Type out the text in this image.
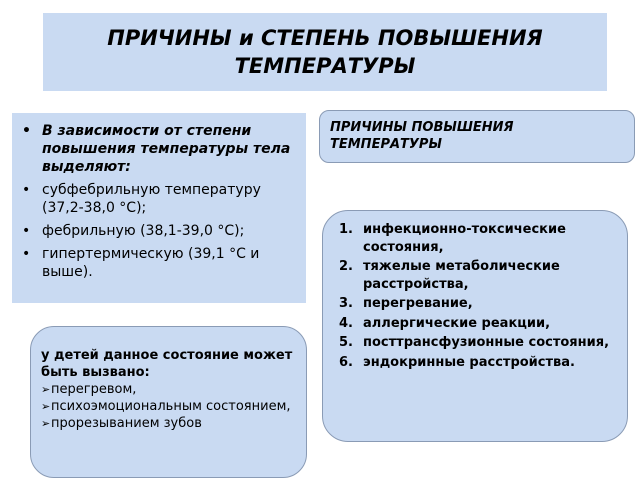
ПРИЧИНЫ и СТЕПЕНЬ ПОВЫШЕНИЯ
ТЕМПЕРАТУРЫ

• В зависимости от степени повышения температуры тела выделяют:
• субфебрильную температуру (37,2-38,0 °С);
• фебрильную (38,1-39,0 °С);
• гипертермическую (39,1 °С и выше).
ПРИЧИНЫ ПОВЫШЕНИЯ ТЕМПЕРАТУРЫ
1. инфекционно-токсические состояния,
2. тяжелые метаболические расстройства,
3. перегревание,
4. аллергические реакции,
5. посттрансфузионные состояния,
6. эндокринные расстройства.

у детей данное состояние может быть вызвано:

➢ перегревом,
➢ психоэмоциональным состоянием,
➢ прорезыванием зубов
